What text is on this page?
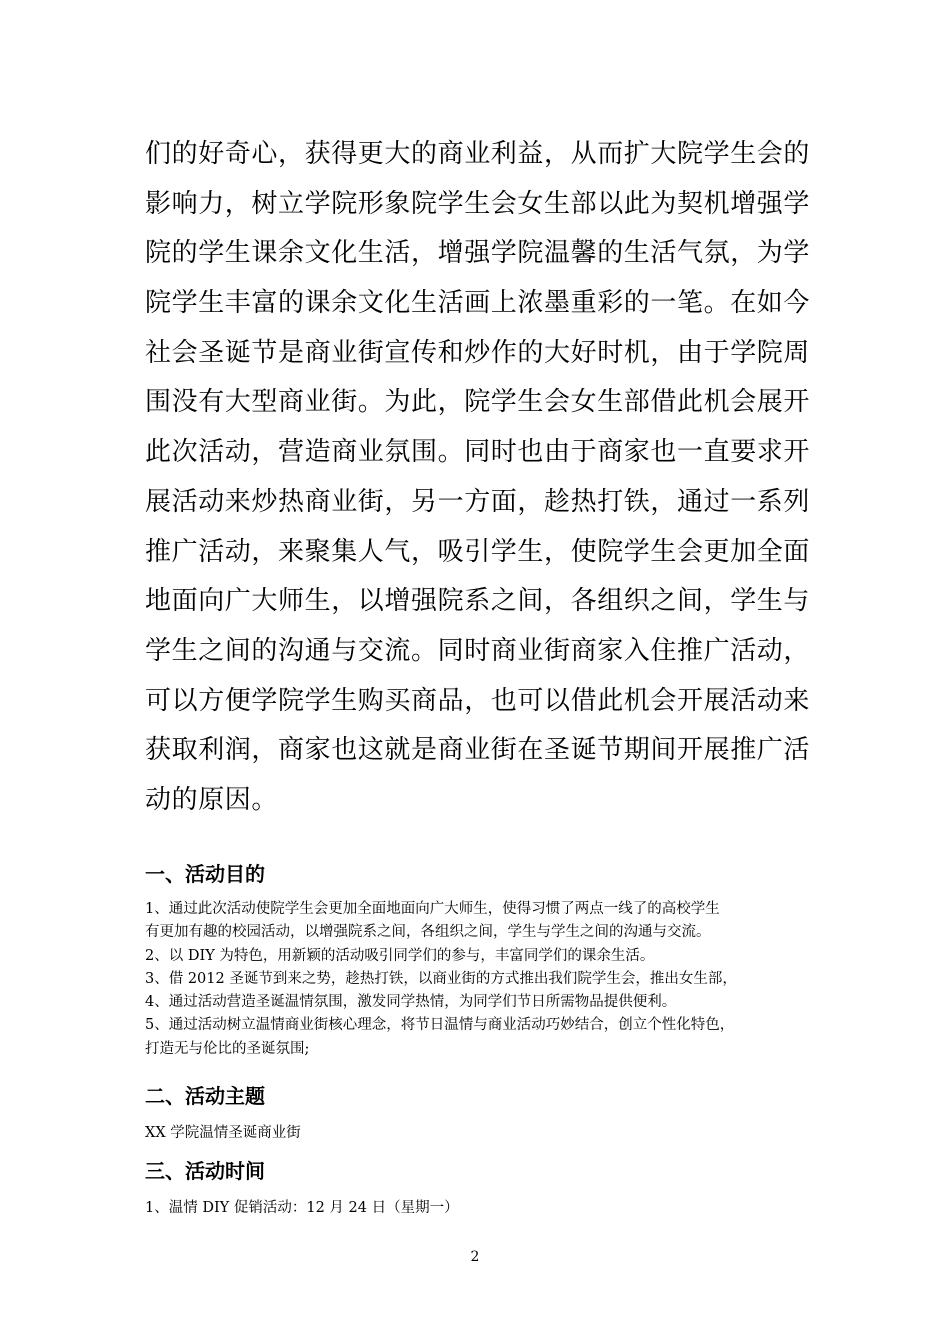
们的好奇心，获得更大的商业利益，从而扩大院学生会的
影响力，树立学院形象院学生会女生部以此为契机增强学
院的学生课余文化生活，增强学院温馨的生活气氛，为学
院学生丰富的课余文化生活画上浓墨重彩的一笔。在如今
社会圣诞节是商业街宣传和炒作的大好时机，由于学院周
围没有大型商业街。为此，院学生会女生部借此机会展开
此次活动，营造商业氛围。同时也由于商家也一直要求开
展活动来炒热商业街，另一方面，趁热打铁，通过一系列
推广活动，来聚集人气，吸引学生，使院学生会更加全面
地面向广大师生，以增强院系之间，各组织之间，学生与
学生之间的沟通与交流。同时商业街商家入住推广活动，
可以方便学院学生购买商品，也可以借此机会开展活动来
获取利润，商家也这就是商业街在圣诞节期间开展推广活
动的原因。
一、活动目的
1、通过此次活动使院学生会更加全面地面向广大师生，使得习惯了两点一线了的高校学生
有更加有趣的校园活动，以增强院系之间，各组织之间，学生与学生之间的沟通与交流。
2、以 DIY 为特色，用新颖的活动吸引同学们的参与，丰富同学们的课余生活。
3、借 2012 圣诞节到来之势，趁热打铁，以商业街的方式推出我们院学生会，推出女生部，
4、通过活动营造圣诞温情氛围，激发同学热情，为同学们节日所需物品提供便利。
5、通过活动树立温情商业街核心理念，将节日温情与商业活动巧妙结合，创立个性化特色，
打造无与伦比的圣诞氛围;
二、活动主题
XX 学院温情圣诞商业街
三、活动时间
1、温情 DIY 促销活动：12 月 24 日（星期一）
2
